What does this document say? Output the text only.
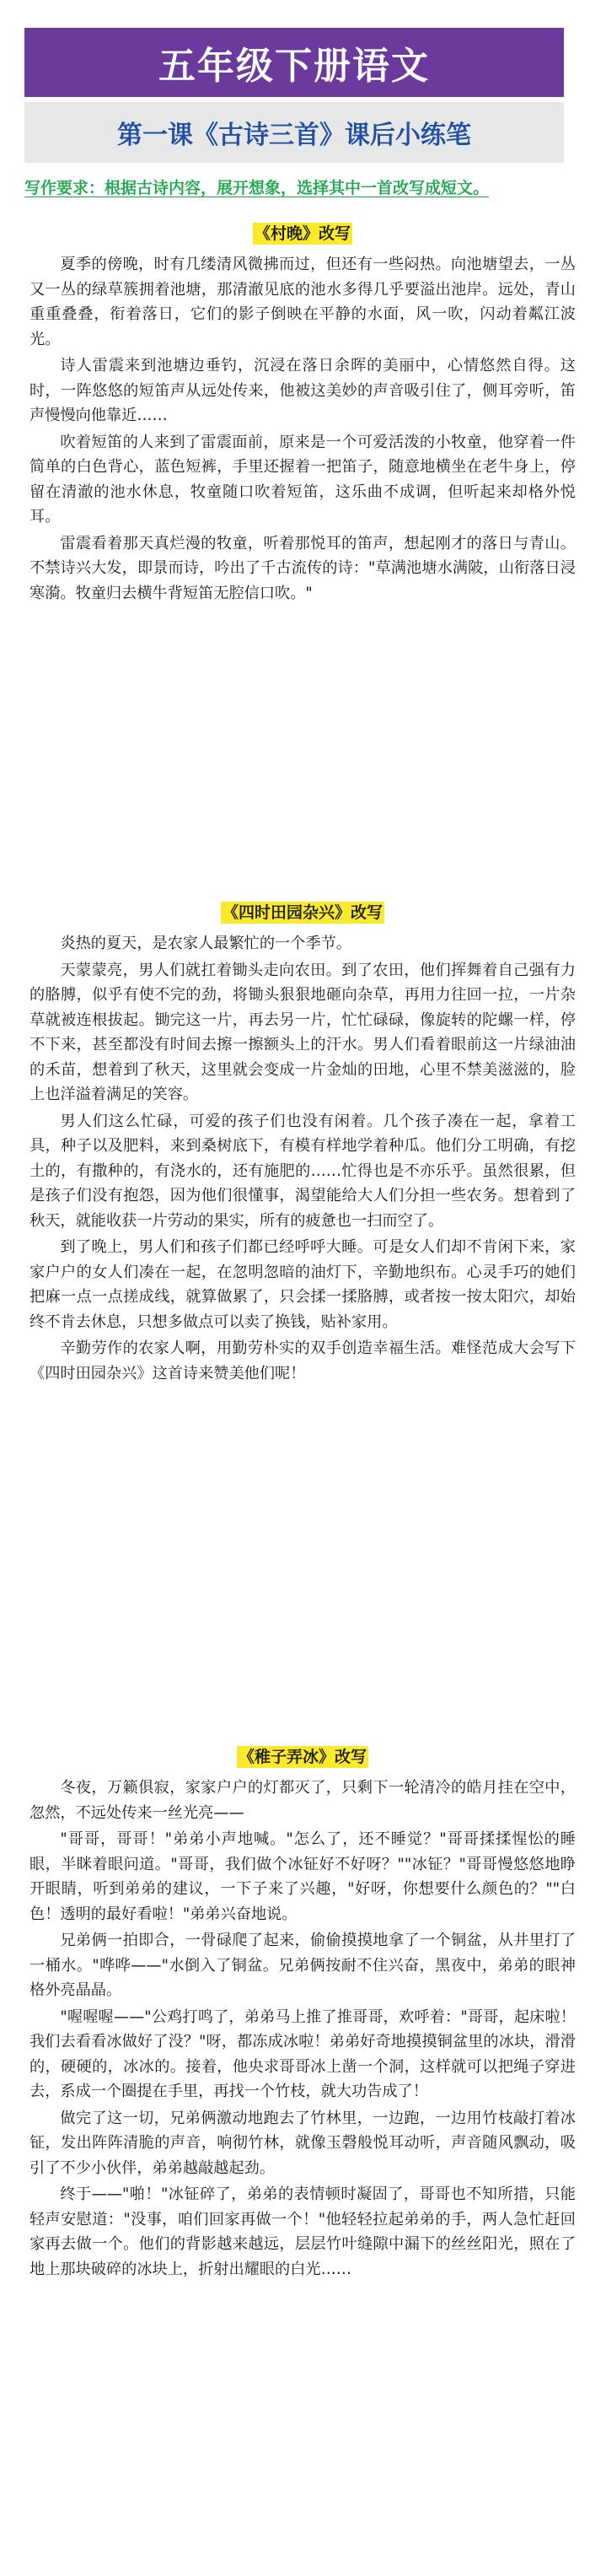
五年级下册语文
第一课《古诗三首》课后小练笔
写作要求：根据古诗内容，展开想象，选择其中一首改写成短文。
《村晚》改写

夏季的傍晚，时有几缕清风微拂而过，但还有一些闷热。向池塘望去，一丛又一丛的绿草簇拥着池塘，那清澈见底的池水多得几乎要溢出池岸。远处，青山重重叠叠，衔着落日，它们的影子倒映在平静的水面，风一吹，闪动着粼江波光。

诗人雷震来到池塘边垂钓，沉浸在落日余晖的美丽中，心情悠然自得。这时，一阵悠悠的短笛声从远处传来，他被这美妙的声音吸引住了，侧耳旁听，笛声慢慢向他靠近……

吹着短笛的人来到了雷震面前，原来是一个可爱活泼的小牧童，他穿着一件简单的白色背心，蓝色短裤，手里还握着一把笛子，随意地横坐在老牛身上，停留在清澈的池水休息，牧童随口吹着短笛，这乐曲不成调，但听起来却格外悦耳。

雷震看着那天真烂漫的牧童，听着那悦耳的笛声，想起刚才的落日与青山。不禁诗兴大发，即景而诗，吟出了千古流传的诗："草满池塘水满陂，山衔落日浸寒漪。牧童归去横牛背短笛无腔信口吹。"

《四时田园杂兴》改写

炎热的夏天，是农家人最繁忙的一个季节。

天蒙蒙亮，男人们就扛着锄头走向农田。到了农田，他们挥舞着自己强有力的胳膊，似乎有使不完的劲，将锄头狠狠地砸向杂草，再用力往回一拉，一片杂草就被连根拔起。锄完这一片，再去另一片，忙忙碌碌，像旋转的陀螺一样，停不下来，甚至都没有时间去擦一擦额头上的汗水。男人们看着眼前这一片绿油油的禾苗，想着到了秋天，这里就会变成一片金灿的田地，心里不禁美滋滋的，脸上也洋溢着满足的笑容。

男人们这么忙碌，可爱的孩子们也没有闲着。几个孩子凑在一起，拿着工具，种子以及肥料，来到桑树底下，有模有样地学着种瓜。他们分工明确，有挖土的，有撒种的，有浇水的，还有施肥的……忙得也是不亦乐乎。虽然很累，但是孩子们没有抱怨，因为他们很懂事，渴望能给大人们分担一些农务。想着到了秋天，就能收获一片劳动的果实，所有的疲惫也一扫而空了。

到了晚上，男人们和孩子们都已经呼呼大睡。可是女人们却不肯闲下来，家家户户的女人们凑在一起，在忽明忽暗的油灯下，辛勤地织布。心灵手巧的她们把麻一点一点搓成线，就算做累了，只会揉一揉胳膊，或者按一按太阳穴，却始终不肯去休息，只想多做点可以卖了换钱，贴补家用。

辛勤劳作的农家人啊，用勤劳朴实的双手创造幸福生活。难怪范成大会写下《四时田园杂兴》这首诗来赞美他们呢！

《稚子弄冰》改写

冬夜，万籁俱寂，家家户户的灯都灭了，只剩下一轮清冷的皓月挂在空中，忽然，不远处传来一丝光亮——

"哥哥，哥哥！"弟弟小声地喊。"怎么了，还不睡觉？"哥哥揉揉惺忪的睡眼，半眯着眼问道。"哥哥，我们做个冰钲好不好呀？""冰钲？"哥哥慢悠悠地睁开眼睛，听到弟弟的建议，一下子来了兴趣，"好呀，你想要什么颜色的？""白色！透明的最好看啦！"弟弟兴奋地说。

兄弟俩一拍即合，一骨碌爬了起来，偷偷摸摸地拿了一个铜盆，从井里打了一桶水。"哗哗——"水倒入了铜盆。兄弟俩按耐不住兴奋，黑夜中，弟弟的眼神格外亮晶晶。

"喔喔喔——"公鸡打鸣了，弟弟马上推了推哥哥，欢呼着："哥哥，起床啦！我们去看看冰做好了没？"呀，都冻成冰啦！弟弟好奇地摸摸铜盆里的冰块，滑滑的，硬硬的，冰冰的。接着，他央求哥哥冰上凿一个洞，这样就可以把绳子穿进去，系成一个圈提在手里，再找一个竹枝，就大功告成了！

做完了这一切，兄弟俩激动地跑去了竹林里，一边跑，一边用竹枝敲打着冰钲，发出阵阵清脆的声音，响彻竹林，就像玉磬般悦耳动听，声音随风飘动，吸引了不少小伙伴，弟弟越敲越起劲。

终于——"啪！"冰钲碎了，弟弟的表情顿时凝固了，哥哥也不知所措，只能轻声安慰道："没事，咱们回家再做一个！"他轻轻拉起弟弟的手，两人急忙赶回家再去做一个。他们的背影越来越远，层层竹叶缝隙中漏下的丝丝阳光，照在了地上那块破碎的冰块上，折射出耀眼的白光……
